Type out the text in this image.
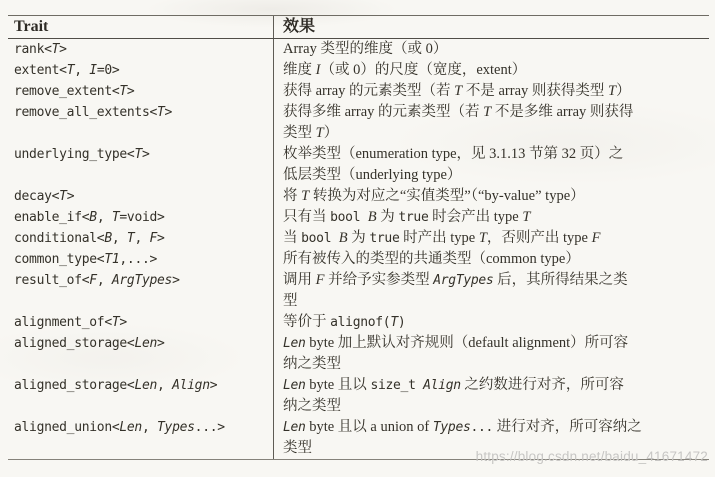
Trait	效果
rank<T>	Array 类型的维度（或 0）
extent<T, I=0>	维度 I（或 0）的尺度（宽度，extent）
remove_extent<T>	获得 array 的元素类型（若 T 不是 array 则获得类型 T）
remove_all_extents<T>	获得多维 array 的元素类型（若 T 不是多维 array 则获得
类型 T）
underlying_type<T>	枚举类型（enumeration type，见 3.1.13 节第 32 页）之
低层类型（underlying type）
decay<T>	将 T 转换为对应之“实值类型”（“by-value” type）
enable_if<B, T=void>	只有当 bool B 为 true 时会产出 type T
conditional<B, T, F>	当 bool B 为 true 时产出 type T，否则产出 type F
common_type<T1,...>	所有被传入的类型的共通类型（common type）
result_of<F, ArgTypes>	调用 F 并给予实参类型 ArgTypes 后，其所得结果之类
型
alignment_of<T>	等价于 alignof(T)
aligned_storage<Len>	Len byte 加上默认对齐规则（default alignment）所可容
纳之类型
aligned_storage<Len, Align>	Len byte 且以 size_t Align 之约数进行对齐，所可容
纳之类型
aligned_union<Len, Types...>	Len byte 且以 a union of Types... 进行对齐，所可容纳之
类型
https://blog.csdn.net/baidu_41671472
